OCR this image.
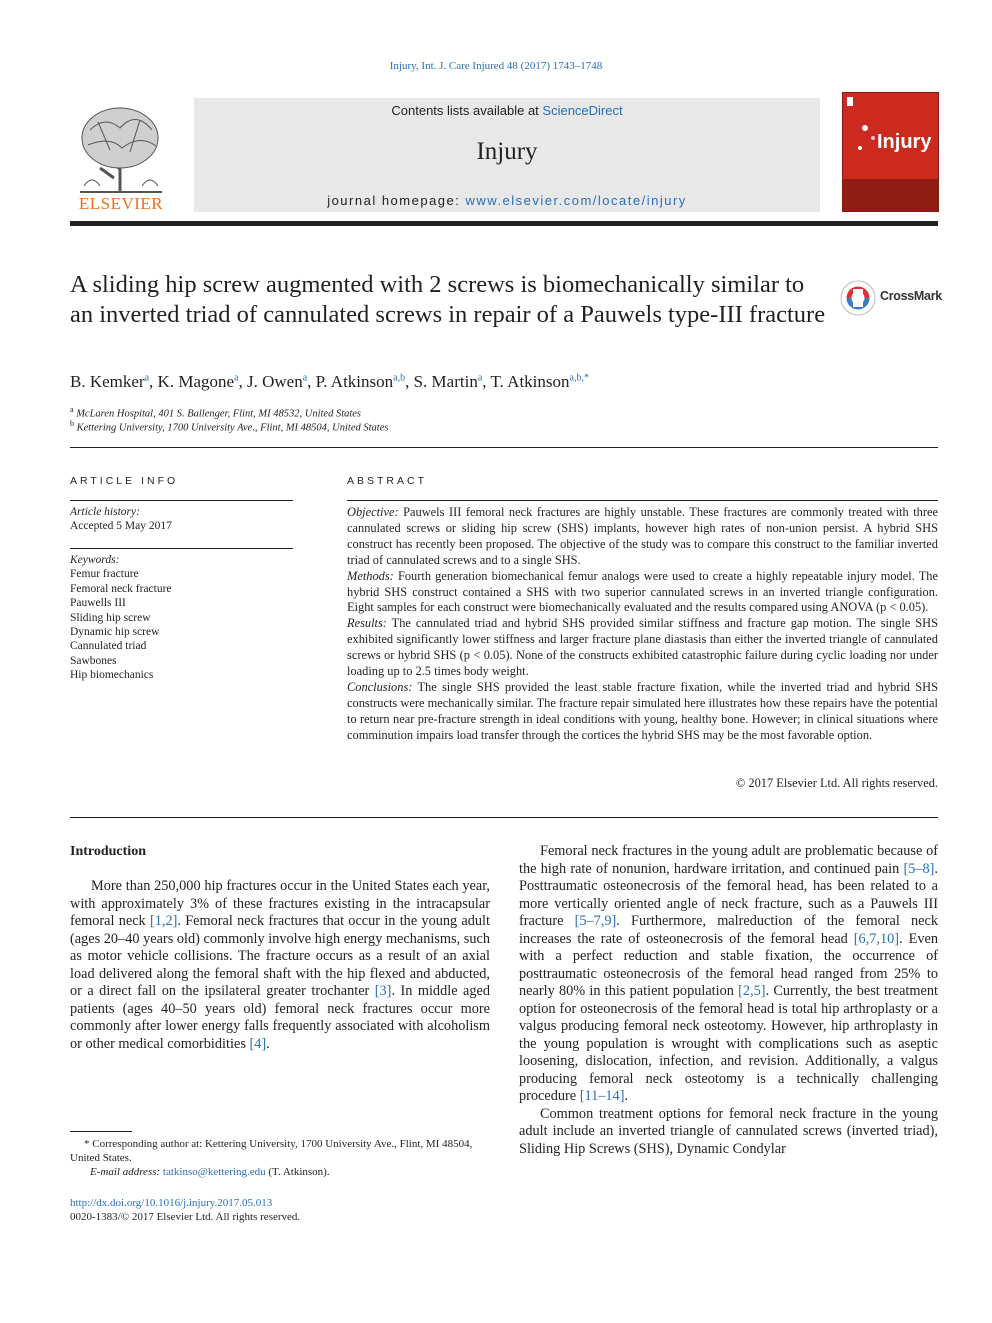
Injury, Int. J. Care Injured 48 (2017) 1743–1748
ELSEVIER
Contents lists available at ScienceDirect
Injury
journal homepage: www.elsevier.com/locate/injury
Injury
A sliding hip screw augmented with 2 screws is biomechanically similar to an inverted triad of cannulated screws in repair of a Pauwels type-III fracture
CrossMark
B. Kemker$^a$, K. Magone$^a$, J. Owen$^a$, P. Atkinson$^{a,b}$, S. Martin$^a$, T. Atkinson$^{a,b,*}$
$^a$ McLaren Hospital, 401 S. Ballenger, Flint, MI 48532, United States
$^b$ Kettering University, 1700 University Ave., Flint, MI 48504, United States
ARTICLE INFO
Article history:
Accepted 5 May 2017
Keywords:
Femur fracture
Femoral neck fracture
Pauwells III
Sliding hip screw
Dynamic hip screw
Cannulated triad
Sawbones
Hip biomechanics
ABSTRACT

Objective: Pauwels III femoral neck fractures are highly unstable. These fractures are commonly treated with three cannulated screws or sliding hip screw (SHS) implants, however high rates of non-union persist. A hybrid SHS construct has recently been proposed. The objective of the study was to compare this construct to the familiar inverted triad of cannulated screws and to a single SHS.

Methods: Fourth generation biomechanical femur analogs were used to create a highly repeatable injury model. The hybrid SHS construct contained a SHS with two superior cannulated screws in an inverted triangle configuration. Eight samples for each construct were biomechanically evaluated and the results compared using ANOVA (p < 0.05).

Results: The cannulated triad and hybrid SHS provided similar stiffness and fracture gap motion. The single SHS exhibited significantly lower stiffness and larger fracture plane diastasis than either the inverted triangle of cannulated screws or hybrid SHS (p < 0.05). None of the constructs exhibited catastrophic failure during cyclic loading nor under loading up to 2.5 times body weight.

Conclusions: The single SHS provided the least stable fracture fixation, while the inverted triad and hybrid SHS constructs were mechanically similar. The fracture repair simulated here illustrates how these repairs have the potential to return near pre-fracture strength in ideal conditions with young, healthy bone. However; in clinical situations where comminution impairs load transfer through the cortices the hybrid SHS may be the most favorable option.

© 2017 Elsevier Ltd. All rights reserved.
Introduction

More than 250,000 hip fractures occur in the United States each year, with approximately 3% of these fractures existing in the intracapsular femoral neck [1,2]. Femoral neck fractures that occur in the young adult (ages 20–40 years old) commonly involve high energy mechanisms, such as motor vehicle collisions. The fracture occurs as a result of an axial load delivered along the femoral shaft with the hip flexed and abducted, or a direct fall on the ipsilateral greater trochanter [3]. In middle aged patients (ages 40–50 years old) femoral neck fractures occur more commonly after lower energy falls frequently associated with alcoholism or other medical comorbidities [4].

Femoral neck fractures in the young adult are problematic because of the high rate of nonunion, hardware irritation, and continued pain [5–8]. Posttraumatic osteonecrosis of the femoral head, has been related to a more vertically oriented angle of neck fracture, such as a Pauwels III fracture [5–7,9]. Furthermore, malreduction of the femoral neck increases the rate of osteonecrosis of the femoral head [6,7,10]. Even with a perfect reduction and stable fixation, the occurrence of posttraumatic osteonecrosis of the femoral head ranged from 25% to nearly 80% in this patient population [2,5]. Currently, the best treatment option for osteonecrosis of the femoral head is total hip arthroplasty or a valgus producing femoral neck osteotomy. However, hip arthroplasty in the young population is wrought with complications such as aseptic loosening, dislocation, infection, and revision. Additionally, a valgus producing femoral neck osteotomy is a technically challenging procedure [11–14].

Common treatment options for femoral neck fracture in the young adult include an inverted triangle of cannulated screws (inverted triad), Sliding Hip Screws (SHS), Dynamic Condylar

* Corresponding author at: Kettering University, 1700 University Ave., Flint, MI 48504, United States.
E-mail address: tatkinso@kettering.edu (T. Atkinson).
http://dx.doi.org/10.1016/j.injury.2017.05.013
0020-1383/© 2017 Elsevier Ltd. All rights reserved.
